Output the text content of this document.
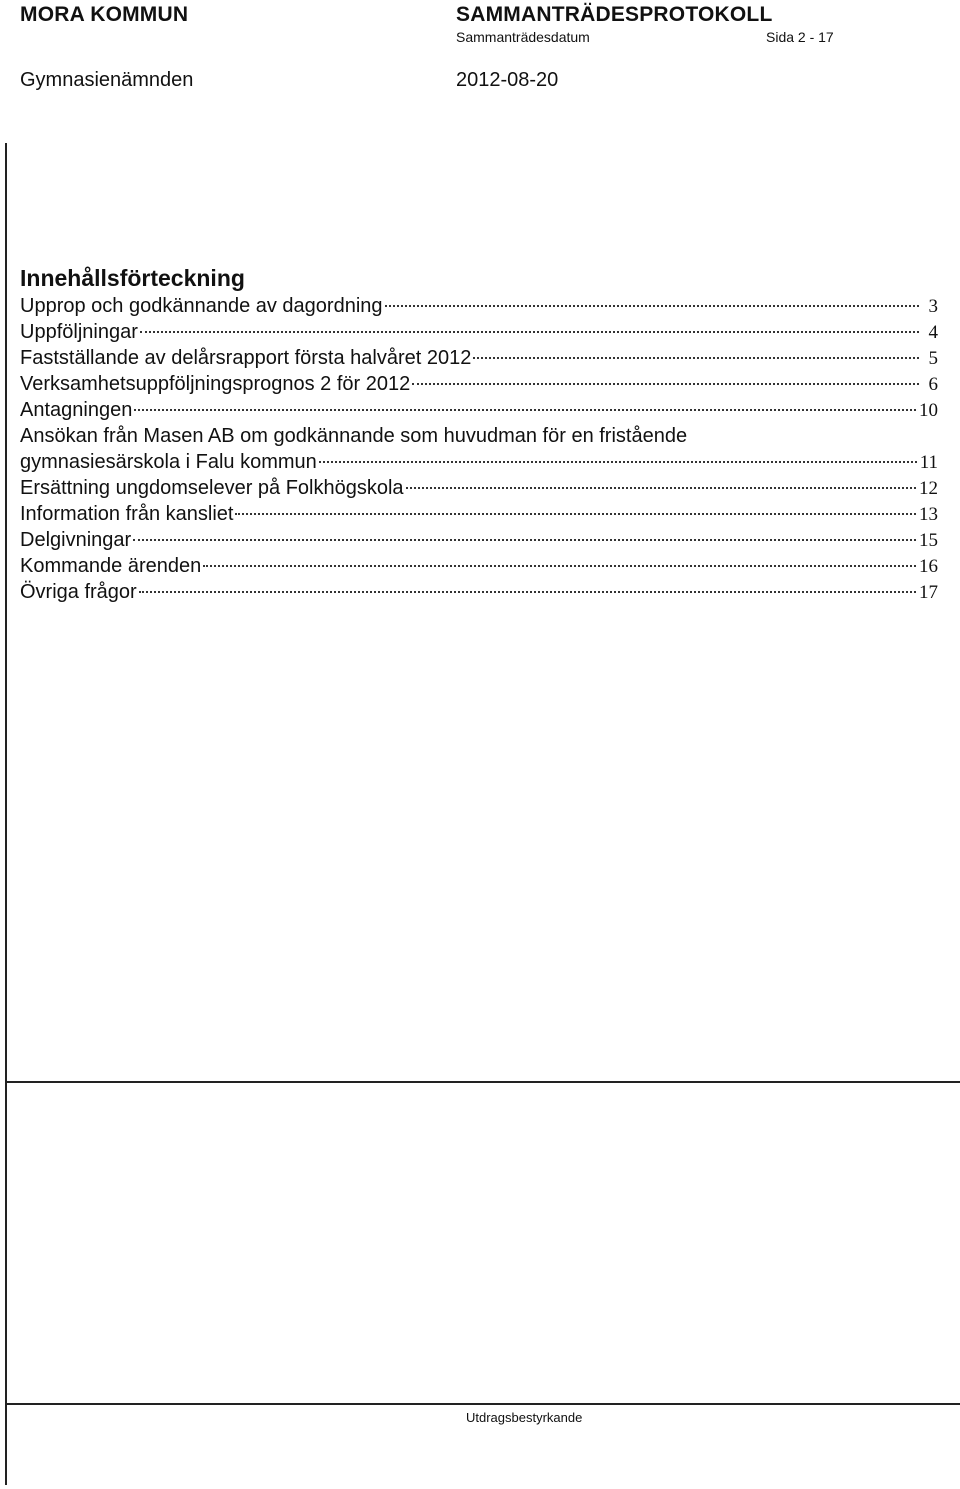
MORA KOMMUN	SAMMANTRÄDESPROTOKOLL
Sammanträdesdatum	Sida 2 - 17
Gymnasienämnden	2012-08-20
Innehållsförteckning
Upprop och godkännande av dagordning	3
Uppföljningar	4
Fastställande av delårsrapport första halvåret 2012	5
Verksamhetsuppföljningsprognos 2 för 2012	6
Antagningen	10
Ansökan från Masen AB om godkännande som huvudman för en fristående
gymnasiesärskola i Falu kommun	11
Ersättning ungdomselever på Folkhögskola	12
Information från kansliet	13
Delgivningar	15
Kommande ärenden	16
Övriga frågor	17
Utdragsbestyrkande
